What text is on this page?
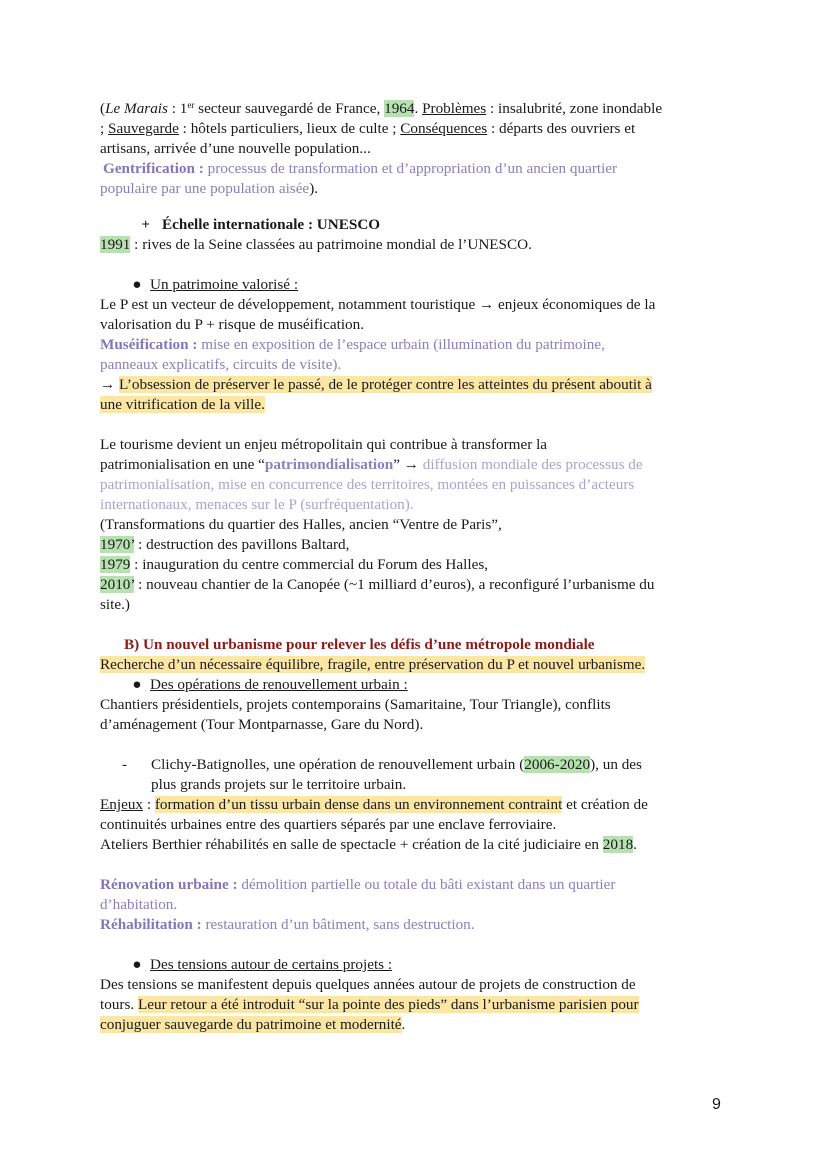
(Le Marais : 1er secteur sauvegardé de France, 1964. Problèmes : insalubrité, zone inondable
; Sauvegarde : hôtels particuliers, lieux de culte ; Conséquences : départs des ouvriers et
artisans, arrivée d’une nouvelle population...
Gentrification : processus de transformation et d’appropriation d’un ancien quartier
populaire par une population aisée).
+ Échelle internationale : UNESCO
1991 : rives de la Seine classées au patrimoine mondial de l’UNESCO.
● Un patrimoine valorisé :
Le P est un vecteur de développement, notamment touristique → enjeux économiques de la
valorisation du P + risque de muséification.
Muséification : mise en exposition de l’espace urbain (illumination du patrimoine,
panneaux explicatifs, circuits de visite).
→ L’obsession de préserver le passé, de le protéger contre les atteintes du présent aboutit à
une vitrification de la ville.
Le tourisme devient un enjeu métropolitain qui contribue à transformer la
patrimonialisation en une “patrimondialisation” → diffusion mondiale des processus de
patrimonialisation, mise en concurrence des territoires, montées en puissances d’acteurs
internationaux, menaces sur le P (surfréquentation).
(Transformations du quartier des Halles, ancien “Ventre de Paris”,
1970’ : destruction des pavillons Baltard,
1979 : inauguration du centre commercial du Forum des Halles,
2010’ : nouveau chantier de la Canopée (~1 milliard d’euros), a reconfiguré l’urbanisme du
site.)
B) Un nouvel urbanisme pour relever les défis d’une métropole mondiale
Recherche d’un nécessaire équilibre, fragile, entre préservation du P et nouvel urbanisme.
● Des opérations de renouvellement urbain :
Chantiers présidentiels, projets contemporains (Samaritaine, Tour Triangle), conflits
d’aménagement (Tour Montparnasse, Gare du Nord).
- Clichy-Batignolles, une opération de renouvellement urbain (2006-2020), un des
plus grands projets sur le territoire urbain.
Enjeux : formation d’un tissu urbain dense dans un environnement contraint et création de
continuités urbaines entre des quartiers séparés par une enclave ferroviaire.
Ateliers Berthier réhabilités en salle de spectacle + création de la cité judiciaire en 2018.
Rénovation urbaine : démolition partielle ou totale du bâti existant dans un quartier
d’habitation.
Réhabilitation : restauration d’un bâtiment, sans destruction.
● Des tensions autour de certains projets :
Des tensions se manifestent depuis quelques années autour de projets de construction de
tours. Leur retour a été introduit “sur la pointe des pieds” dans l’urbanisme parisien pour
conjuguer sauvegarde du patrimoine et modernité.
9
